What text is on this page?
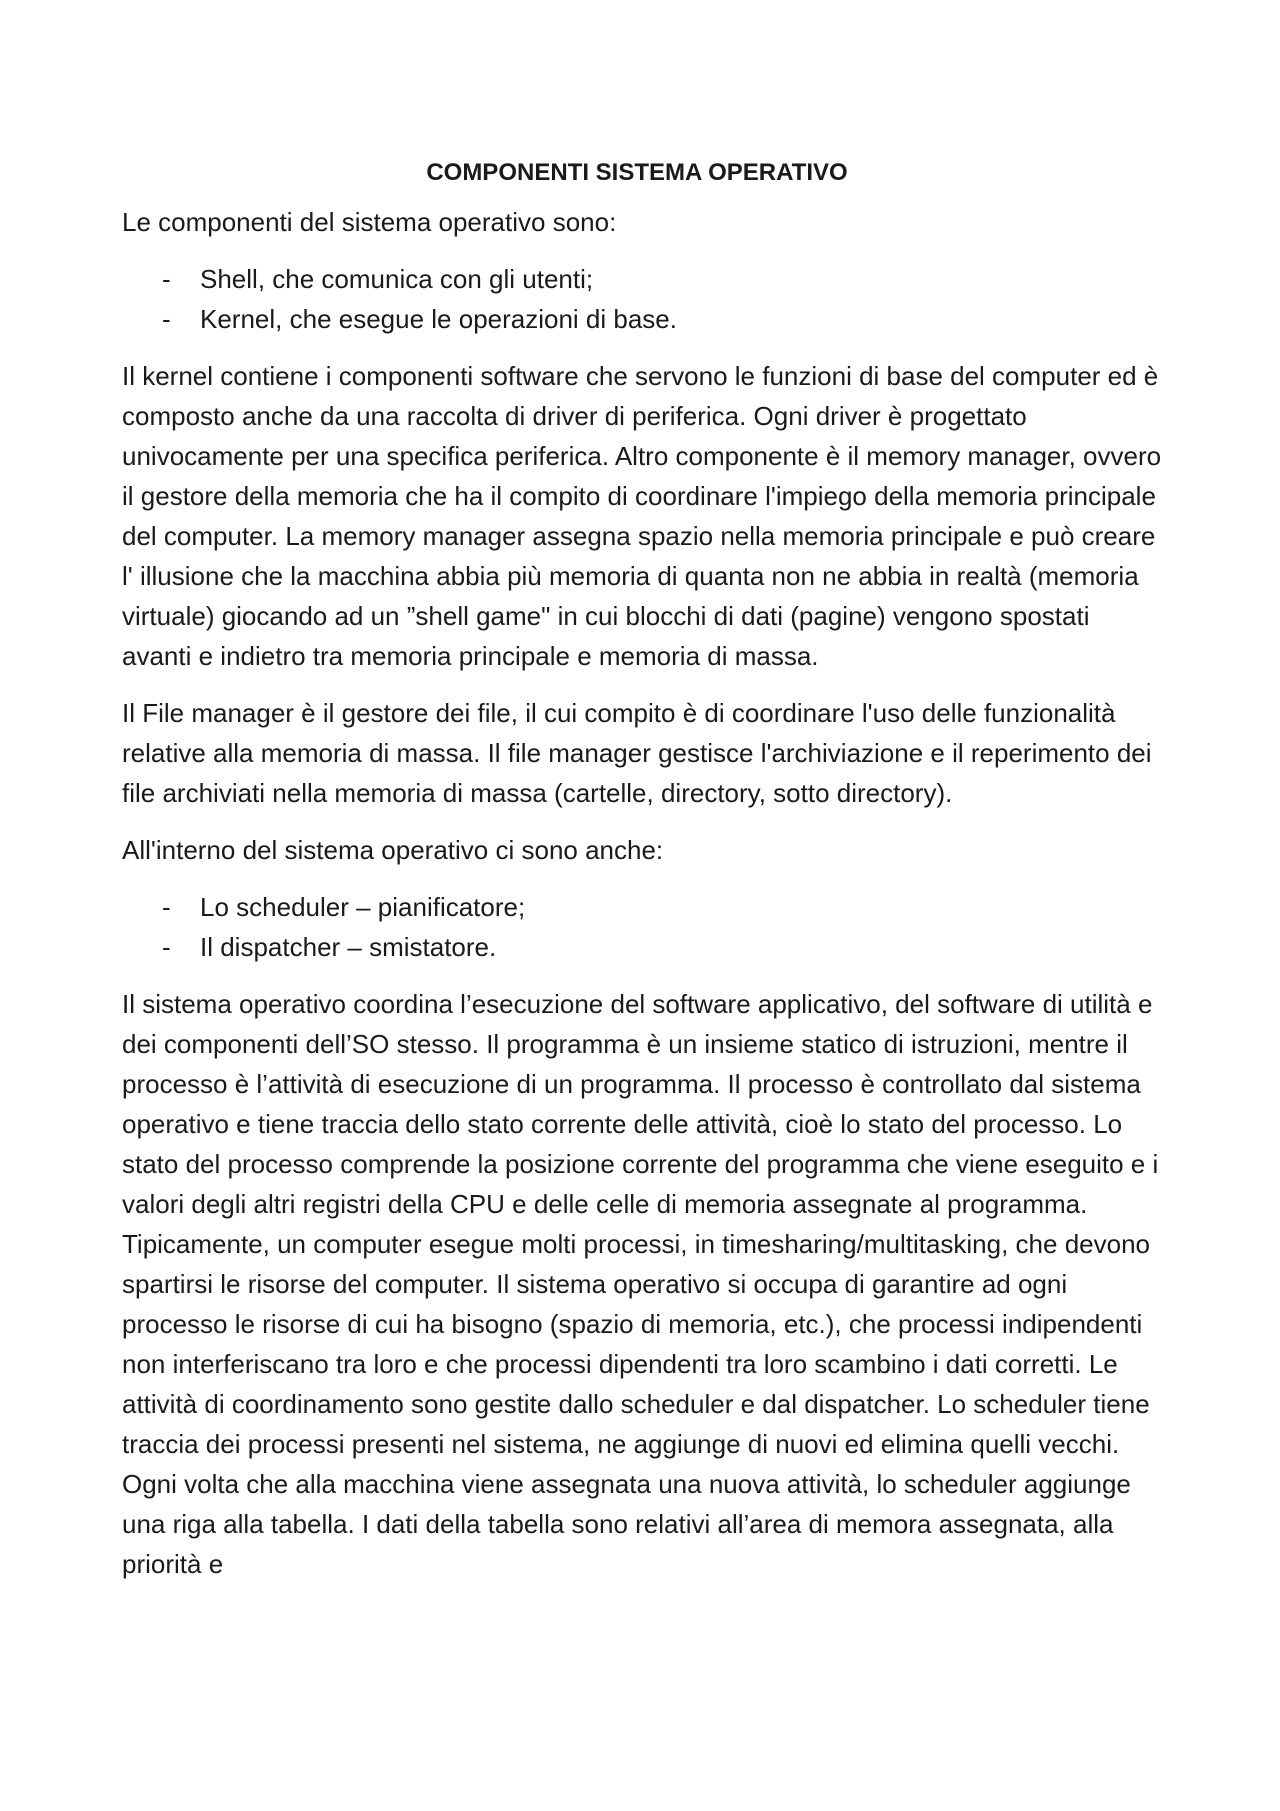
COMPONENTI SISTEMA OPERATIVO

Le componenti del sistema operativo sono:

- Shell, che comunica con gli utenti;
- Kernel, che esegue le operazioni di base.

Il kernel contiene i componenti software che servono le funzioni di base del computer ed è composto anche da una raccolta di driver di periferica. Ogni driver è progettato univocamente per una specifica periferica. Altro componente è il memory manager, ovvero il gestore della memoria che ha il compito di coordinare l'impiego della memoria principale del computer. La memory manager assegna spazio nella memoria principale e può creare l' illusione che la macchina abbia più memoria di quanta non ne abbia in realtà (memoria virtuale) giocando ad un ”shell game" in cui blocchi di dati (pagine) vengono spostati avanti e indietro tra memoria principale e memoria di massa.

Il File manager è il gestore dei file, il cui compito è di coordinare l'uso delle funzionalità relative alla memoria di massa. Il file manager gestisce l'archiviazione e il reperimento dei file archiviati nella memoria di massa (cartelle, directory, sotto directory).

All'interno del sistema operativo ci sono anche:

- Lo scheduler – pianificatore;
- Il dispatcher – smistatore.

Il sistema operativo coordina l’esecuzione del software applicativo, del software di utilità e dei componenti dell’SO stesso. Il programma è un insieme statico di istruzioni, mentre il processo è l’attività di esecuzione di un programma. Il processo è controllato dal sistema operativo e tiene traccia dello stato corrente delle attività, cioè lo stato del processo. Lo stato del processo comprende la posizione corrente del programma che viene eseguito e i valori degli altri registri della CPU e delle celle di memoria assegnate al programma. Tipicamente, un computer esegue molti processi, in timesharing/multitasking, che devono spartirsi le risorse del computer. Il sistema operativo si occupa di garantire ad ogni processo le risorse di cui ha bisogno (spazio di memoria, etc.), che processi indipendenti non interferiscano tra loro e che processi dipendenti tra loro scambino i dati corretti. Le attività di coordinamento sono gestite dallo scheduler e dal dispatcher. Lo scheduler tiene traccia dei processi presenti nel sistema, ne aggiunge di nuovi ed elimina quelli vecchi. Ogni volta che alla macchina viene assegnata una nuova attività, lo scheduler aggiunge una riga alla tabella. I dati della tabella sono relativi all’area di memora assegnata, alla priorità e
